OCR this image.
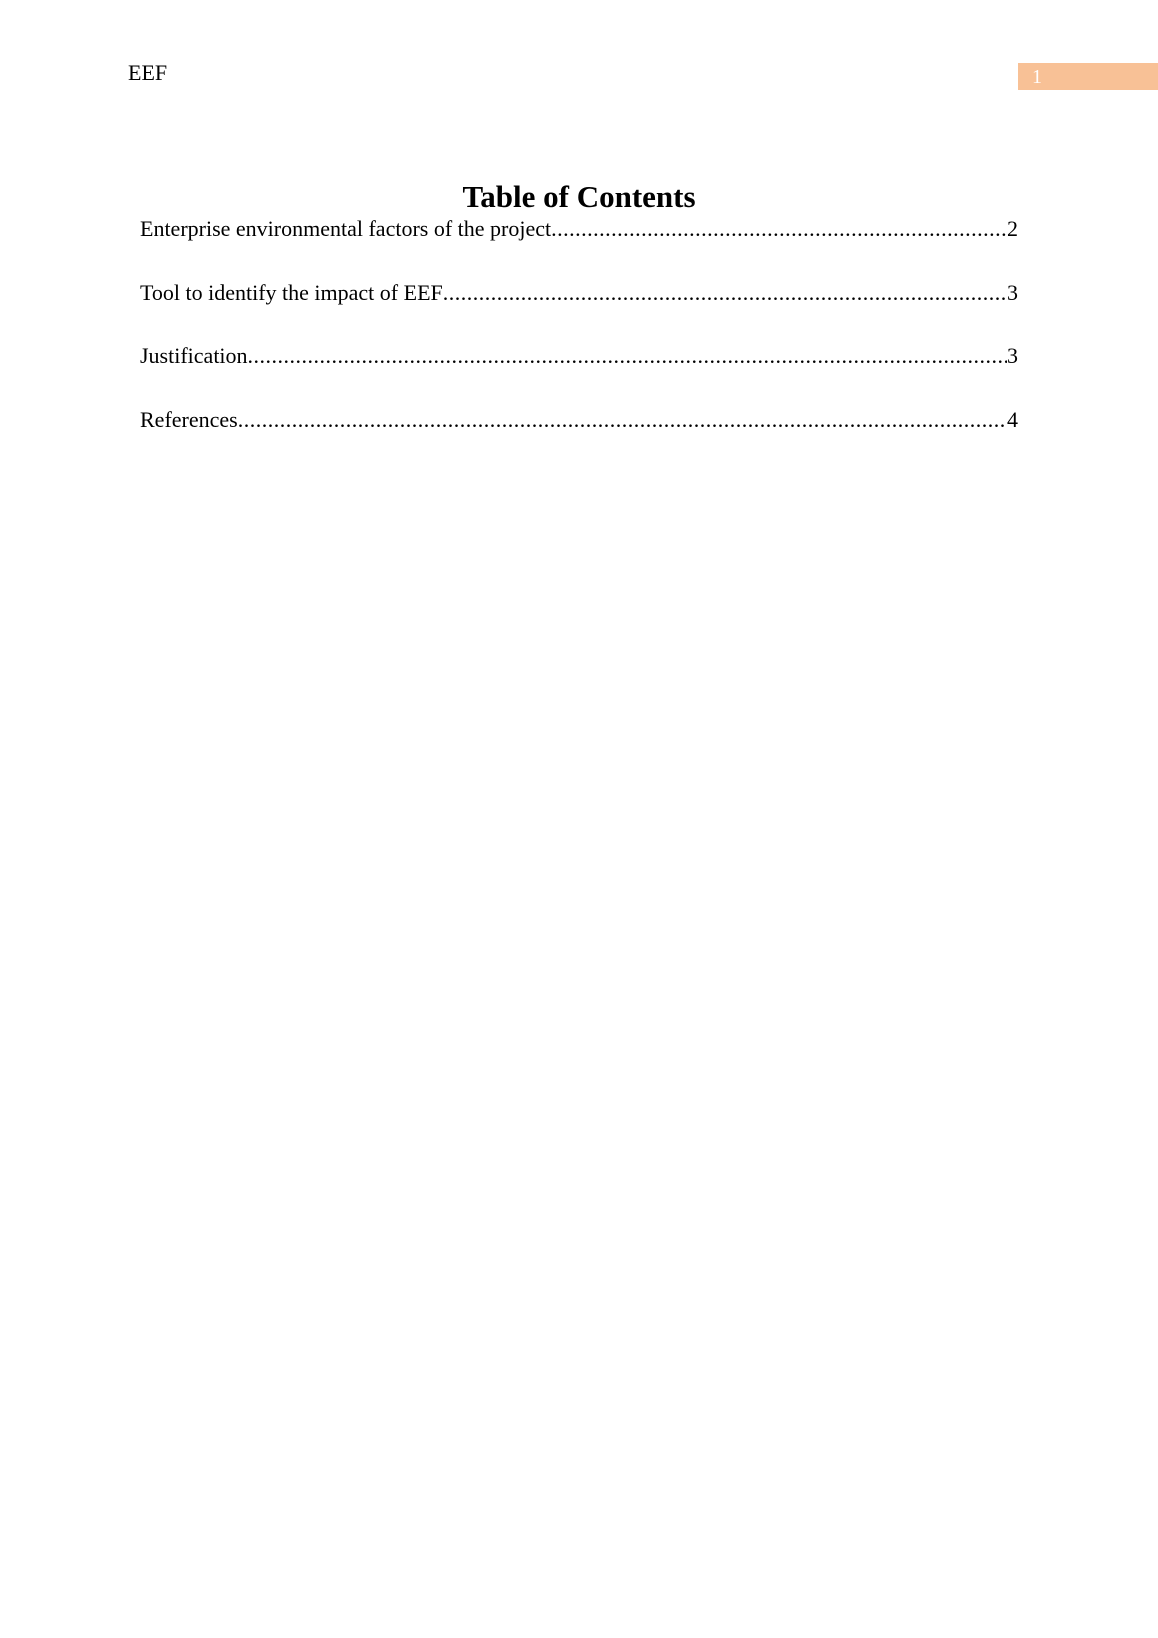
EEF	1
Table of Contents
Enterprise environmental factors of the project .....	2
Tool to identify the impact of EEF .....	3
Justification .....	3
References .....	4
